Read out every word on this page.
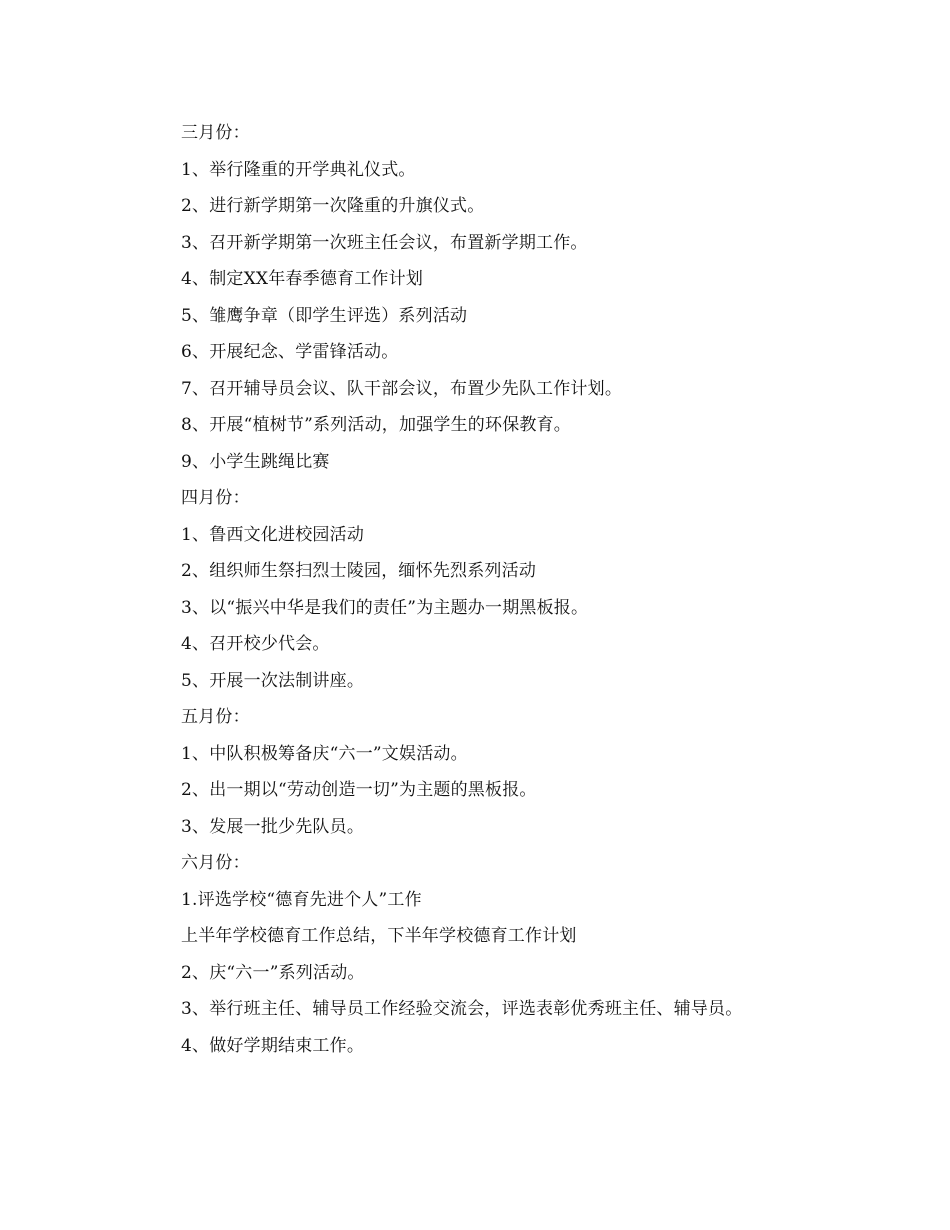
三月份：
1、举行隆重的开学典礼仪式。
2、进行新学期第一次隆重的升旗仪式。
3、召开新学期第一次班主任会议，布置新学期工作。
4、制定XX年春季德育工作计划
5、雏鹰争章（即学生评选）系列活动
6、开展纪念、学雷锋活动。
7、召开辅导员会议、队干部会议，布置少先队工作计划。
8、开展“植树节”系列活动，加强学生的环保教育。
9、小学生跳绳比赛
四月份：
1、鲁西文化进校园活动
2、组织师生祭扫烈士陵园，缅怀先烈系列活动
3、以“振兴中华是我们的责任”为主题办一期黑板报。
4、召开校少代会。
5、开展一次法制讲座。
五月份：
1、中队积极筹备庆“六一”文娱活动。
2、出一期以“劳动创造一切”为主题的黑板报。
3、发展一批少先队员。
六月份：
1.评选学校“德育先进个人”工作
上半年学校德育工作总结，下半年学校德育工作计划
2、庆“六一”系列活动。
3、举行班主任、辅导员工作经验交流会，评选表彰优秀班主任、辅导员。
4、做好学期结束工作。
